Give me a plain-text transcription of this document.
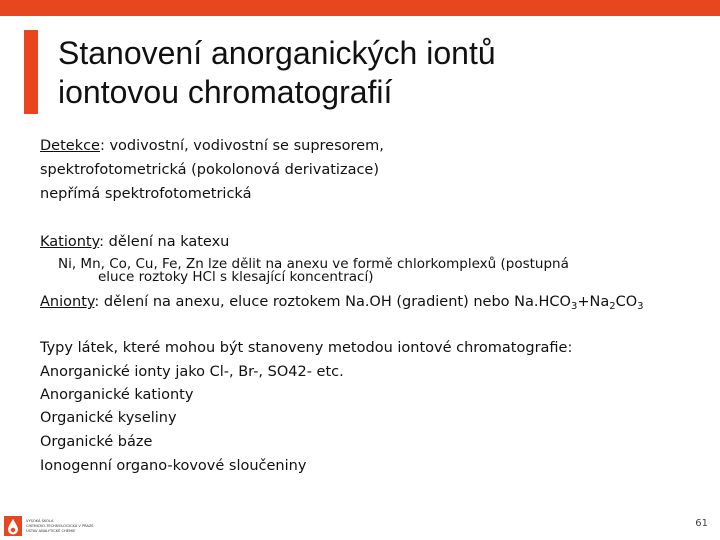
Stanovení anorganických iontů
iontovou chromatografií
Detekce: vodivostní, vodivostní se supresorem,
spektrofotometrická (pokolonová derivatizace)
nepřímá spektrofotometrická
Kationty: dělení na katexu
Ni, Mn, Co, Cu, Fe, Zn lze dělit na anexu ve formě chlorkomplexů (postupná
eluce roztoky HCl s klesající koncentrací)
Anionty: dělení na anexu, eluce roztokem Na.OH (gradient) nebo $Na.HCO_3+Na_2CO_3$
Typy látek, které mohou být stanoveny metodou iontové chromatografie:
Anorganické ionty jako Cl-, Br-, SO42- etc.
Anorganické kationty
Organické kyseliny
Organické báze
Ionogenní organo-kovové sloučeniny
VYSOKÁ ŠKOLA
CHEMICKO-TECHNOLOGICKÁ V PRAZE
ÚSTAV ANALYTICKÉ CHEMIE
61
